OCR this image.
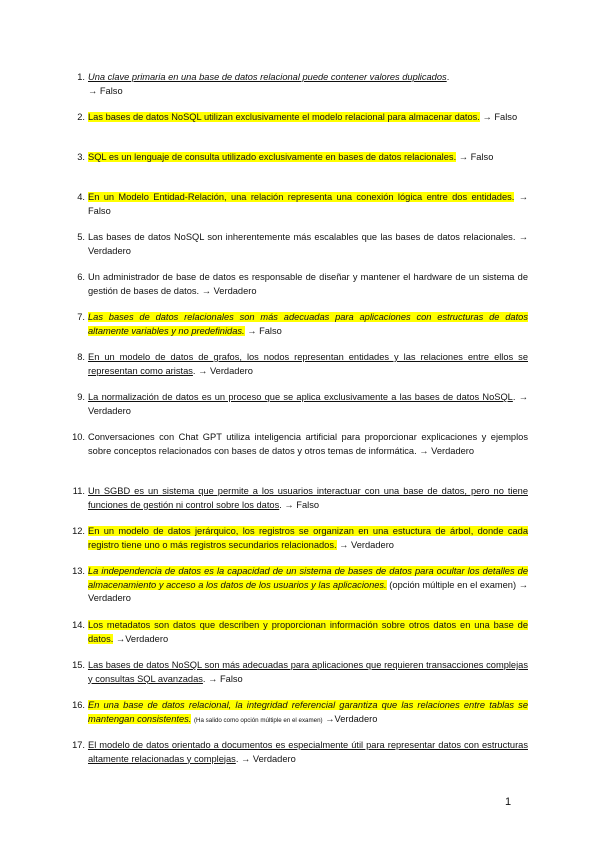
1. Una clave primaria en una base de datos relacional puede contener valores duplicados.
→ Falso
2. Las bases de datos NoSQL utilizan exclusivamente el modelo relacional para almacenar datos. → Falso
3. SQL es un lenguaje de consulta utilizado exclusivamente en bases de datos relacionales. → Falso
4. En un Modelo Entidad-Relación, una relación representa una conexión lógica entre dos entidades. → Falso
5. Las bases de datos NoSQL son inherentemente más escalables que las bases de datos relacionales. → Verdadero
6. Un administrador de base de datos es responsable de diseñar y mantener el hardware de un sistema de gestión de bases de datos. → Verdadero
7. Las bases de datos relacionales son más adecuadas para aplicaciones con estructuras de datos altamente variables y no predefinidas. → Falso
8. En un modelo de datos de grafos, los nodos representan entidades y las relaciones entre ellos se representan como aristas. → Verdadero
9. La normalización de datos es un proceso que se aplica exclusivamente a las bases de datos NoSQL. → Verdadero
10. Conversaciones con Chat GPT utiliza inteligencia artificial para proporcionar explicaciones y ejemplos sobre conceptos relacionados con bases de datos y otros temas de informática. → Verdadero
11. Un SGBD es un sistema que permite a los usuarios interactuar con una base de datos, pero no tiene funciones de gestión ni control sobre los datos. → Falso
12. En un modelo de datos jerárquico, los registros se organizan en una estuctura de árbol, donde cada registro tiene uno o más registros secundarios relacionados. → Verdadero
13. La independencia de datos es la capacidad de un sistema de bases de datos para ocultar los detalles de almacenamiento y acceso a los datos de los usuarios y las aplicaciones. (opción múltiple en el examen) → Verdadero
14. Los metadatos son datos que describen y proporcionan información sobre otros datos en una base de datos. →Verdadero
15. Las bases de datos NoSQL son más adecuadas para aplicaciones que requieren transacciones complejas y consultas SQL avanzadas. → Falso
16. En una base de datos relacional, la integridad referencial garantiza que las relaciones entre tablas se mantengan consistentes. (Ha salido como opción múltiple en el examen) →Verdadero
17. El modelo de datos orientado a documentos es especialmente útil para representar datos con estructuras altamente relacionadas y complejas. → Verdadero
1
